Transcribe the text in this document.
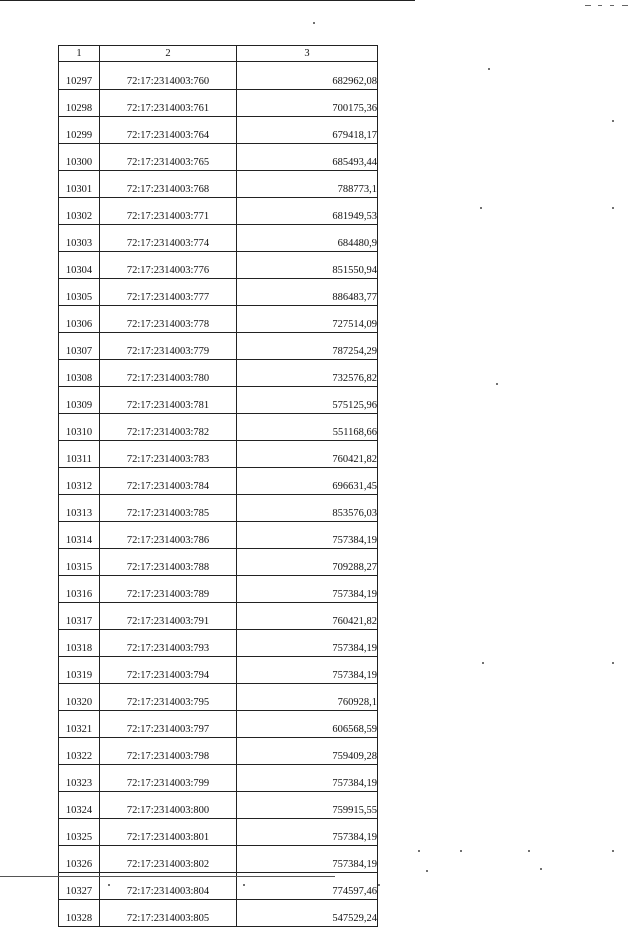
1	2	3
10297	72:17:2314003:760	682962,08
10298	72:17:2314003:761	700175,36
10299	72:17:2314003:764	679418,17
10300	72:17:2314003:765	685493,44
10301	72:17:2314003:768	788773,1
10302	72:17:2314003:771	681949,53
10303	72:17:2314003:774	684480,9
10304	72:17:2314003:776	851550,94
10305	72:17:2314003:777	886483,77
10306	72:17:2314003:778	727514,09
10307	72:17:2314003:779	787254,29
10308	72:17:2314003:780	732576,82
10309	72:17:2314003:781	575125,96
10310	72:17:2314003:782	551168,66
10311	72:17:2314003:783	760421,82
10312	72:17:2314003:784	696631,45
10313	72:17:2314003:785	853576,03
10314	72:17:2314003:786	757384,19
10315	72:17:2314003:788	709288,27
10316	72:17:2314003:789	757384,19
10317	72:17:2314003:791	760421,82
10318	72:17:2314003:793	757384,19
10319	72:17:2314003:794	757384,19
10320	72:17:2314003:795	760928,1
10321	72:17:2314003:797	606568,59
10322	72:17:2314003:798	759409,28
10323	72:17:2314003:799	757384,19
10324	72:17:2314003:800	759915,55
10325	72:17:2314003:801	757384,19
10326	72:17:2314003:802	757384,19
10327	72:17:2314003:804	774597,46
10328	72:17:2314003:805	547529,24
